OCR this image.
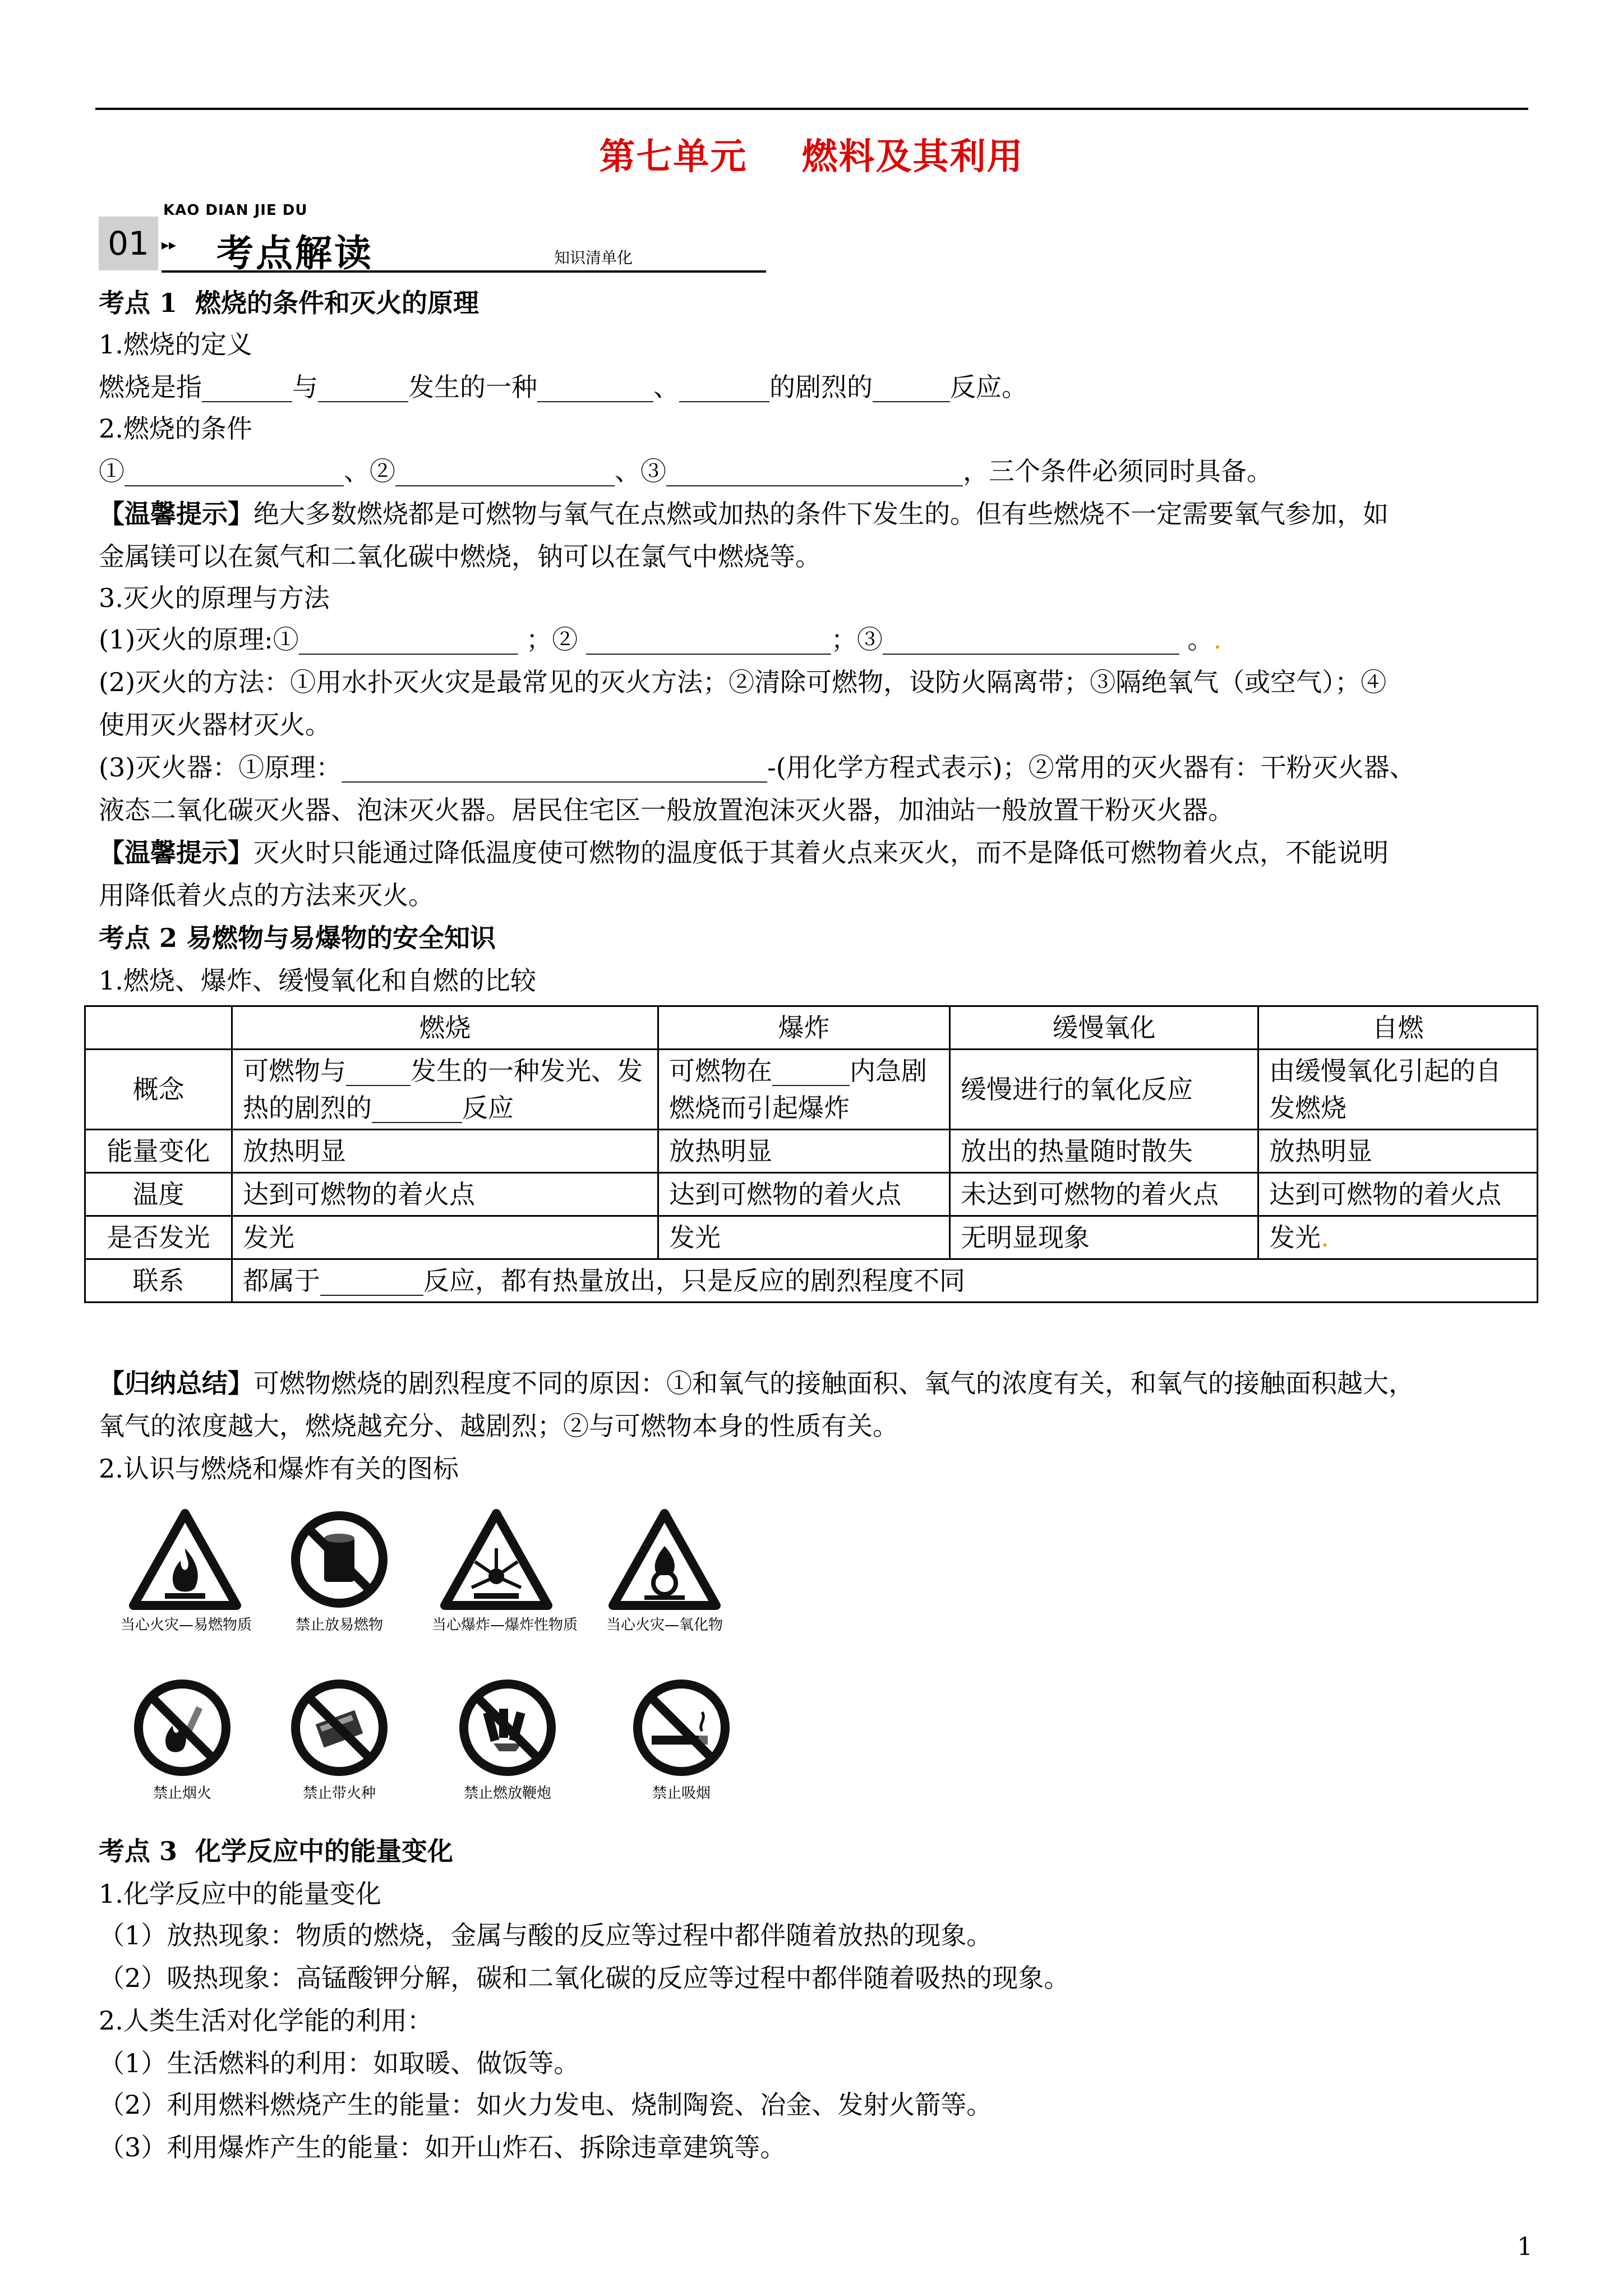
第七单元    燃料及其利用
KAO DIAN JIE DU
01 ▸▸ 考点解读	知识清单化
考点 1  燃烧的条件和灭火的原理
1.燃烧的定义
燃烧是指_______与_______发生的一种_________、_______的剧烈的______反应。
2.燃烧的条件
①_________________、②_________________、③_______________________，三个条件必须同时具备。
【温馨提示】绝大多数燃烧都是可燃物与氧气在点燃或加热的条件下发生的。但有些燃烧不一定需要氧气参加，如
金属镁可以在氮气和二氧化碳中燃烧，钠可以在氯气中燃烧等。
3.灭火的原理与方法
(1)灭火的原理:①_________________ ；② ___________________；③_______________________ 。.
(2)灭火的方法：①用水扑灭火灾是最常见的灭火方法；②清除可燃物，设防火隔离带；③隔绝氧气（或空气）；④
使用灭火器材灭火。
(3)灭火器：①原理：_________________________________-(用化学方程式表示)；②常用的灭火器有：干粉灭火器、
液态二氧化碳灭火器、泡沫灭火器。居民住宅区一般放置泡沫灭火器，加油站一般放置干粉灭火器。
【温馨提示】灭火时只能通过降低温度使可燃物的温度低于其着火点来灭火，而不是降低可燃物着火点，不能说明
用降低着火点的方法来灭火。
考点 2 易燃物与易爆物的安全知识
1.燃烧、爆炸、缓慢氧化和自燃的比较
	燃烧	爆炸	缓慢氧化	自燃
概念	可燃物与_____发生的一种发光、发热的剧烈的_______反应	可燃物在______内急剧燃烧而引起爆炸	缓慢进行的氧化反应	由缓慢氧化引起的自发燃烧
能量变化	放热明显	放热明显	放出的热量随时散失	放热明显
温度	达到可燃物的着火点	达到可燃物的着火点	未达到可燃物的着火点	达到可燃物的着火点
是否发光	发光	发光	无明显现象	发光.
联系	都属于________反应，都有热量放出，只是反应的剧烈程度不同			
【归纳总结】可燃物燃烧的剧烈程度不同的原因：①和氧气的接触面积、氧气的浓度有关，和氧气的接触面积越大，
氧气的浓度越大，燃烧越充分、越剧烈；②与可燃物本身的性质有关。
2.认识与燃烧和爆炸有关的图标
当心火灾—易燃物质	禁止放易燃物	当心爆炸—爆炸性物质	当心火灾—氧化物
禁止烟火	禁止带火种	禁止燃放鞭炮	禁止吸烟
考点 3  化学反应中的能量变化
1.化学反应中的能量变化
（1）放热现象：物质的燃烧，金属与酸的反应等过程中都伴随着放热的现象。
（2）吸热现象：高锰酸钾分解，碳和二氧化碳的反应等过程中都伴随着吸热的现象。
2.人类生活对化学能的利用：
（1）生活燃料的利用：如取暖、做饭等。
（2）利用燃料燃烧产生的能量：如火力发电、烧制陶瓷、冶金、发射火箭等。
（3）利用爆炸产生的能量：如开山炸石、拆除违章建筑等。
1
